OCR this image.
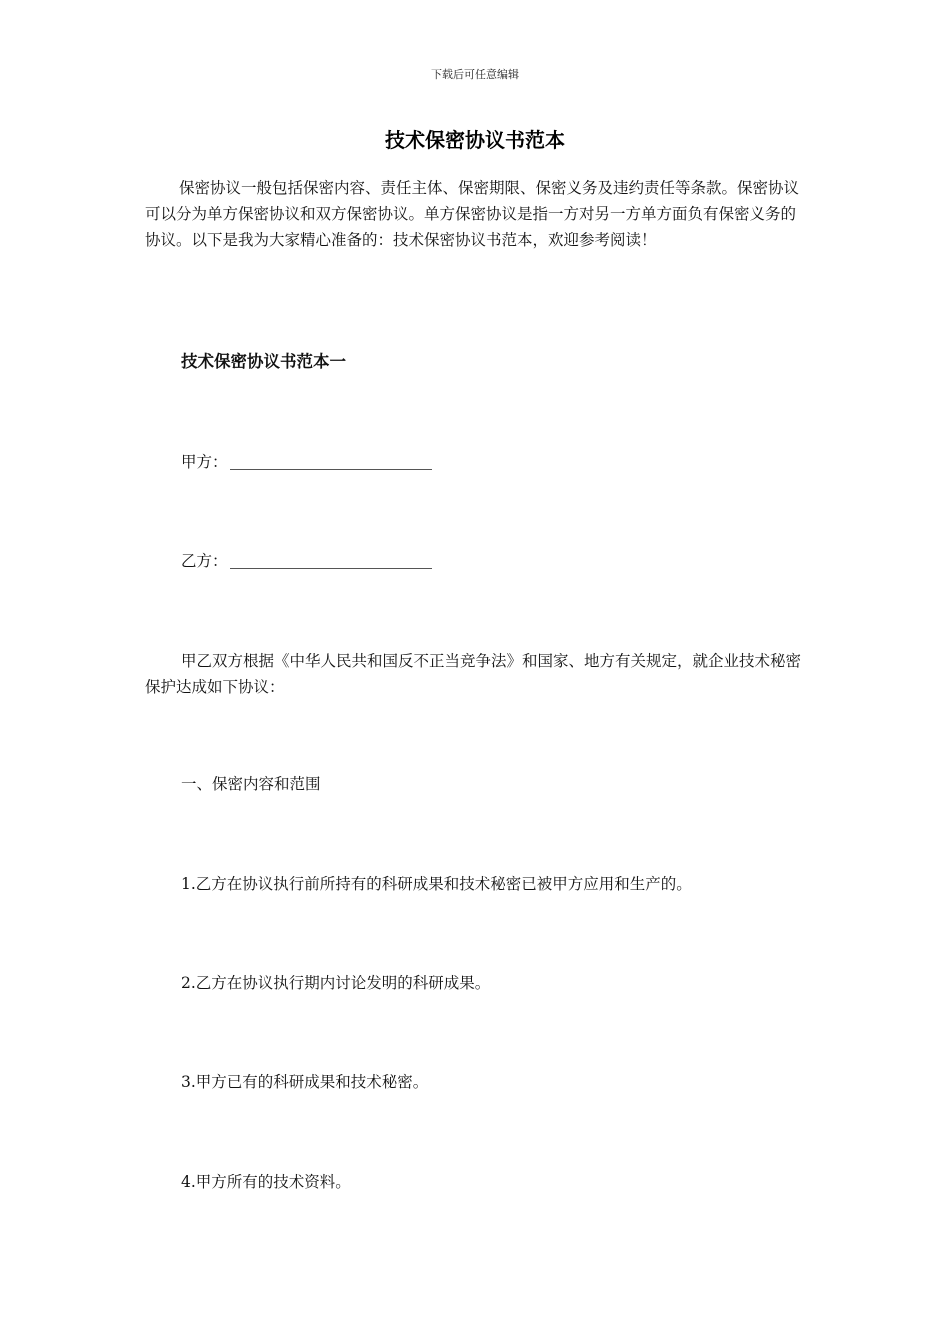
下载后可任意编辑
技术保密协议书范本

保密协议一般包括保密内容、责任主体、保密期限、保密义务及违约责任等条款。保密协议可以分为单方保密协议和双方保密协议。单方保密协议是指一方对另一方单方面负有保密义务的协议。以下是我为大家精心准备的：技术保密协议书范本，欢迎参考阅读！

技术保密协议书范本一

甲方：

乙方：

甲乙双方根据《中华人民共和国反不正当竞争法》和国家、地方有关规定，就企业技术秘密保护达成如下协议：

一、保密内容和范围

1.乙方在协议执行前所持有的科研成果和技术秘密已被甲方应用和生产的。

2.乙方在协议执行期内讨论发明的科研成果。

3.甲方已有的科研成果和技术秘密。

4.甲方所有的技术资料。
